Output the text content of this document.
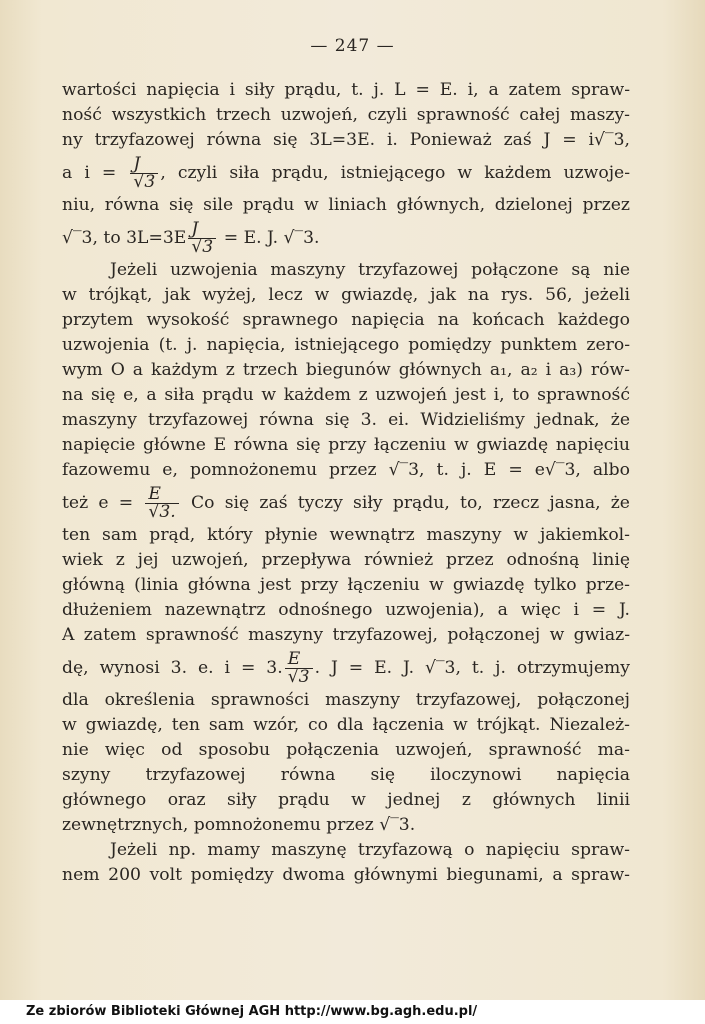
— 247 —
wartości napięcia i siły prądu, t. j. L = E. i, a zatem spraw-
ność wszystkich trzech uzwojeń, czyli sprawność całej maszy-
ny trzyfazowej równa się 3L=3E. i. Ponieważ zaś J = i√‾3,
a $i = \frac{J}{√3}$ , czyli siła prądu, istniejącego w każdem uzwoje-
niu, równa się sile prądu w liniach głównych, dzielonej przez
√‾3, to $3L=3E \frac{J}{√3} = E$. J. √‾3.
Jeżeli uzwojenia maszyny trzyfazowej połączone są nie
w trójkąt, jak wyżej, lecz w gwiazdę, jak na rys. 56, jeżeli
przytem wysokość sprawnego napięcia na końcach każdego
uzwojenia (t. j. napięcia, istniejącego pomiędzy punktem zero-
wym O a każdym z trzech biegunów głównych a₁, a₂ i a₃) rów-
na się e, a siła prądu w każdem z uzwojeń jest i, to sprawność
maszyny trzyfazowej równa się 3. ei. Widzieliśmy jednak, że
napięcie główne E równa się przy łączeniu w gwiazdę napięciu
fazowemu e, pomnożonemu przez √‾3, t. j. E = e√‾3, albo
też $e = \frac{E}{√3.}$ Co się zaś tyczy siły prądu, to, rzecz jasna, że
ten sam prąd, który płynie wewnątrz maszyny w jakiemkol-
wiek z jej uzwojeń, przepływa również przez odnośną linię
główną (linia główna jest przy łączeniu w gwiazdę tylko prze-
dłużeniem nazewnątrz odnośnego uzwojenia), a więc i = J.
A zatem sprawność maszyny trzyfazowej, połączonej w gwiaz-
dę, wynosi 3. e. i = 3. $\frac{E}{√3}$ . J = E. J. √‾3, t. j. otrzymujemy
dla określenia sprawności maszyny trzyfazowej, połączonej
w gwiazdę, ten sam wzór, co dla łączenia w trójkąt. Niezależ-
nie więc od sposobu połączenia uzwojeń, sprawność ma-
szyny trzyfazowej równa się iloczynowi napięcia
głównego oraz siły prądu w jednej z głównych linii
zewnętrznych, pomnożonemu przez √‾3.
Jeżeli np. mamy maszynę trzyfazową o napięciu spraw-
nem 200 volt pomiędzy dwoma głównymi biegunami, a spraw-
Ze zbiorów Biblioteki Głównej AGH http://www.bg.agh.edu.pl/
